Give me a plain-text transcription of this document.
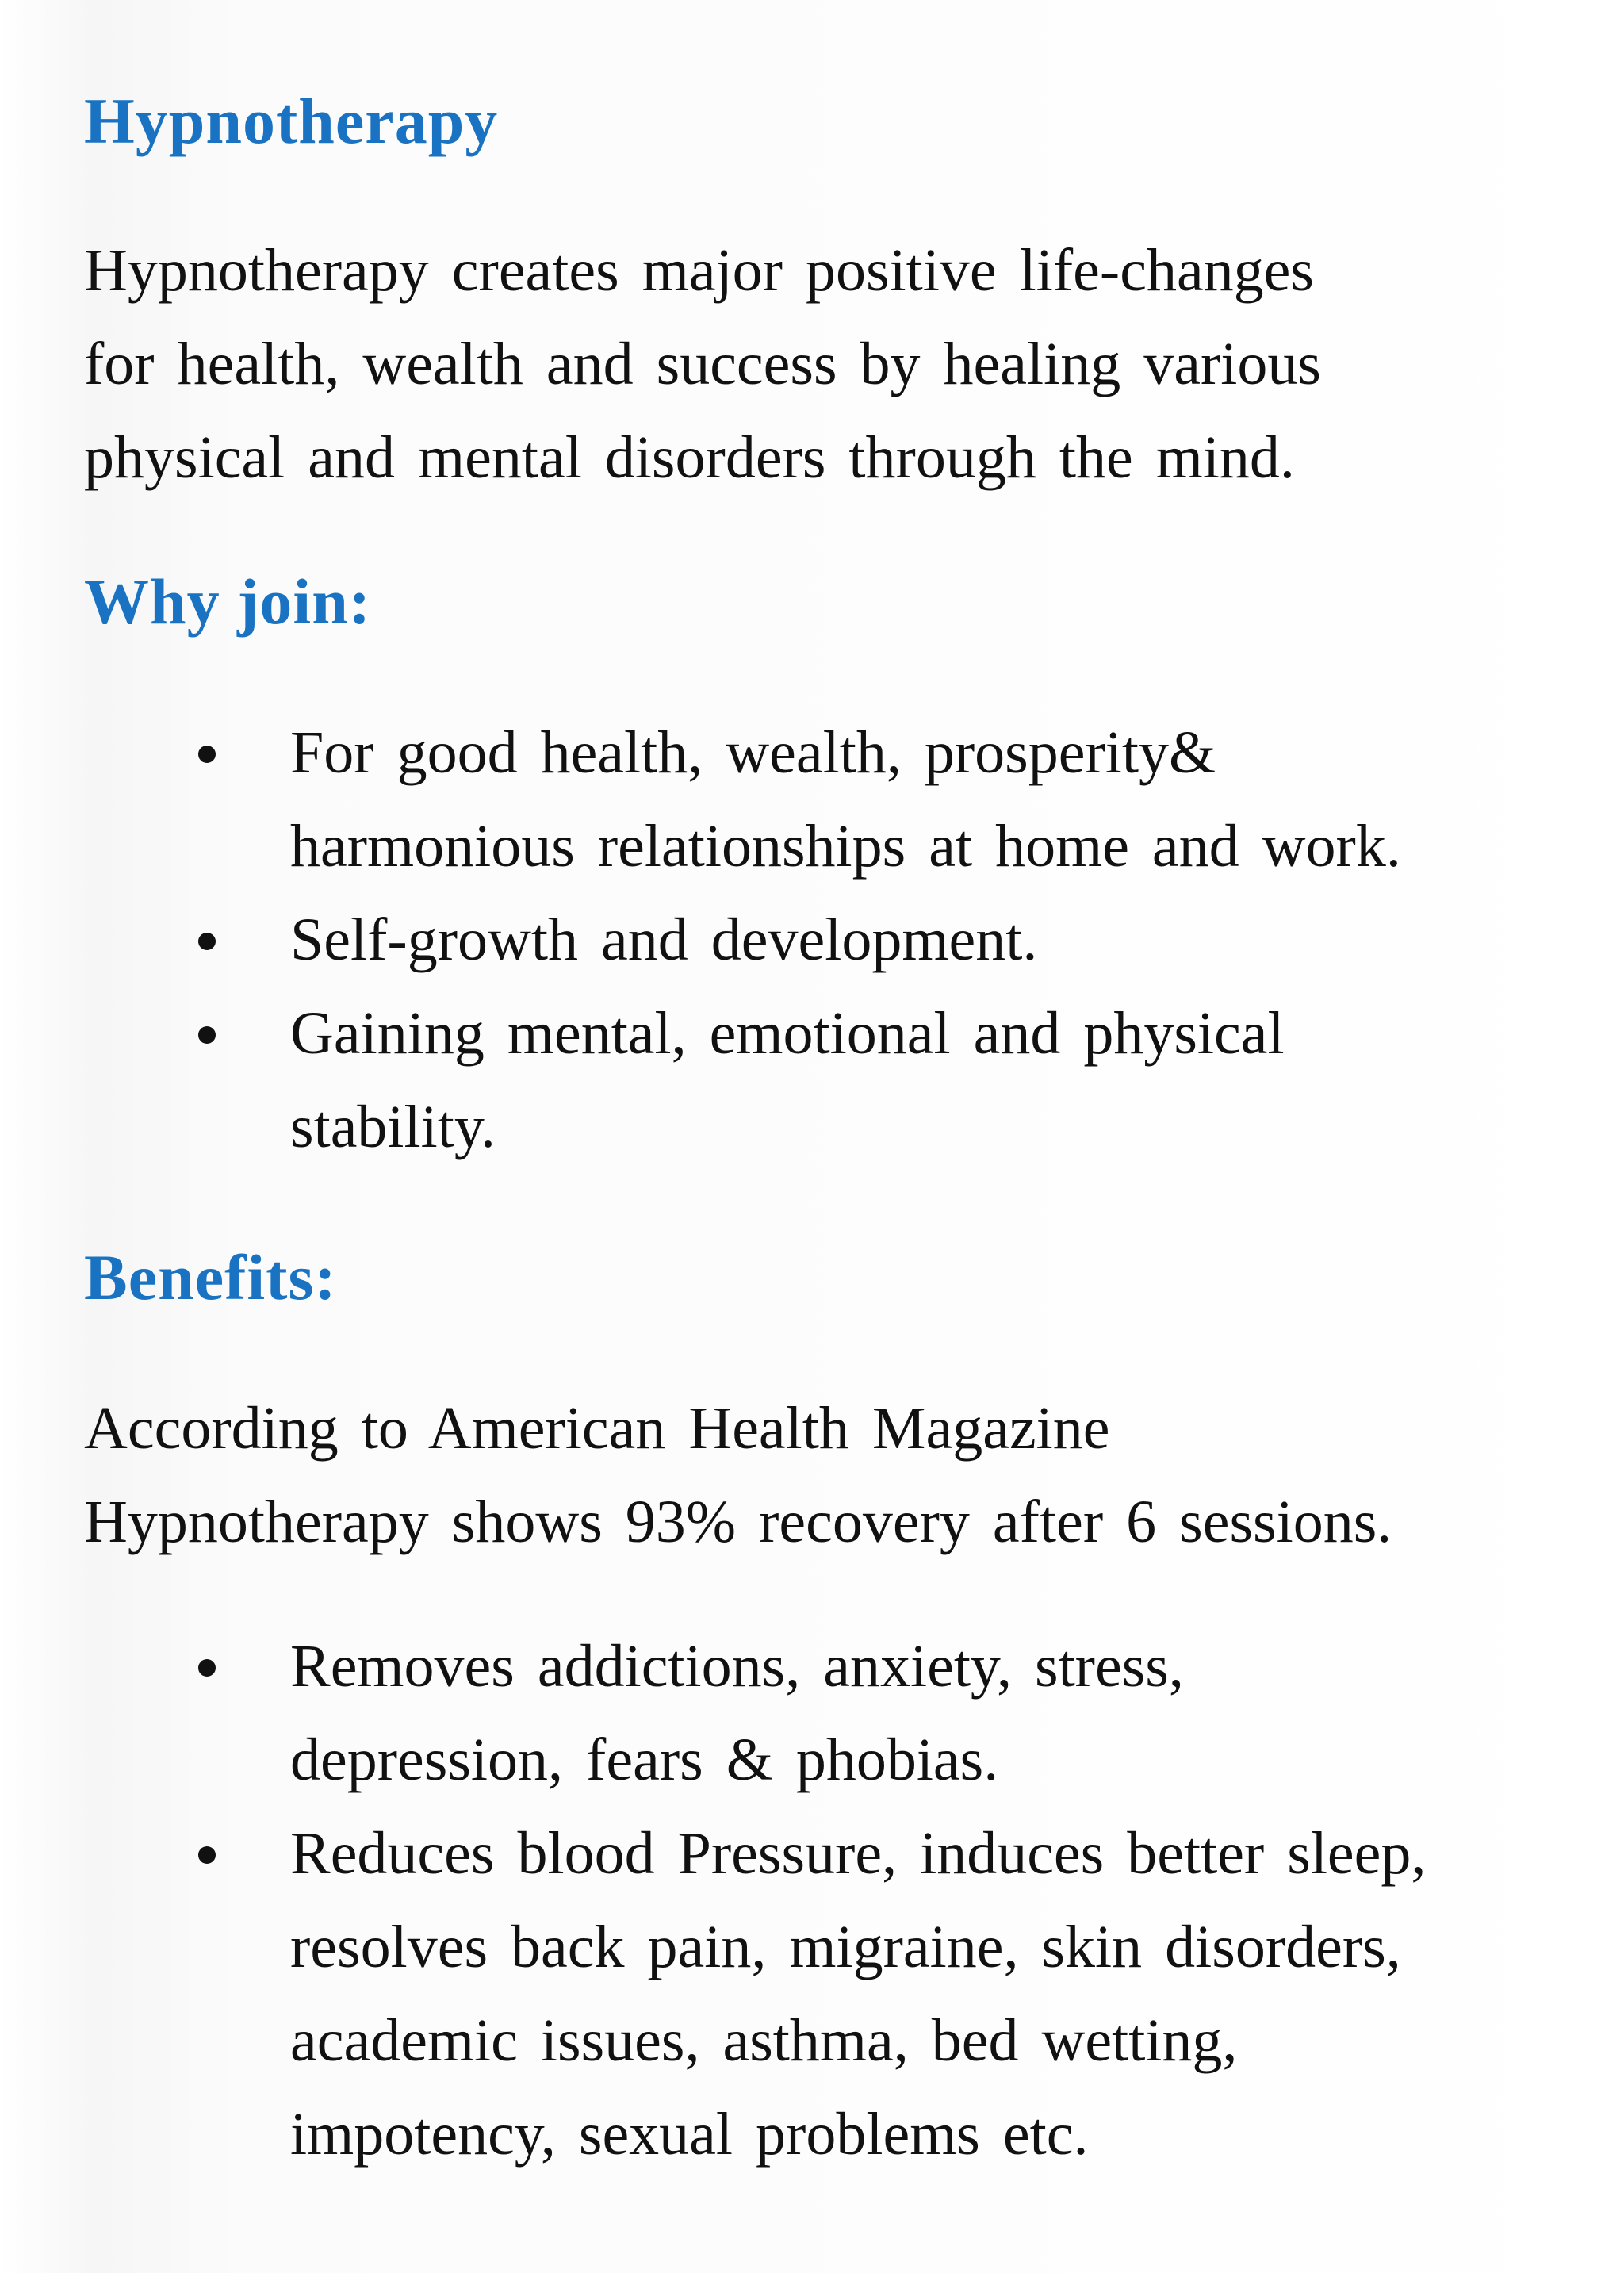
Hypnotherapy

Hypnotherapy creates major positive life-changes
for health, wealth and success by healing various
physical and mental disorders through the mind.

Why join:
For good health, wealth, prosperity&
harmonious relationships at home and work.
Self-growth and development.
Gaining mental, emotional and physical
stability.
Benefits:

According to American Health Magazine
Hypnotherapy shows 93% recovery after 6 sessions.

Removes addictions, anxiety, stress,
depression, fears & phobias.
Reduces blood Pressure, induces better sleep,
resolves back pain, migraine, skin disorders,
academic issues, asthma, bed wetting,
impotency, sexual problems etc.
